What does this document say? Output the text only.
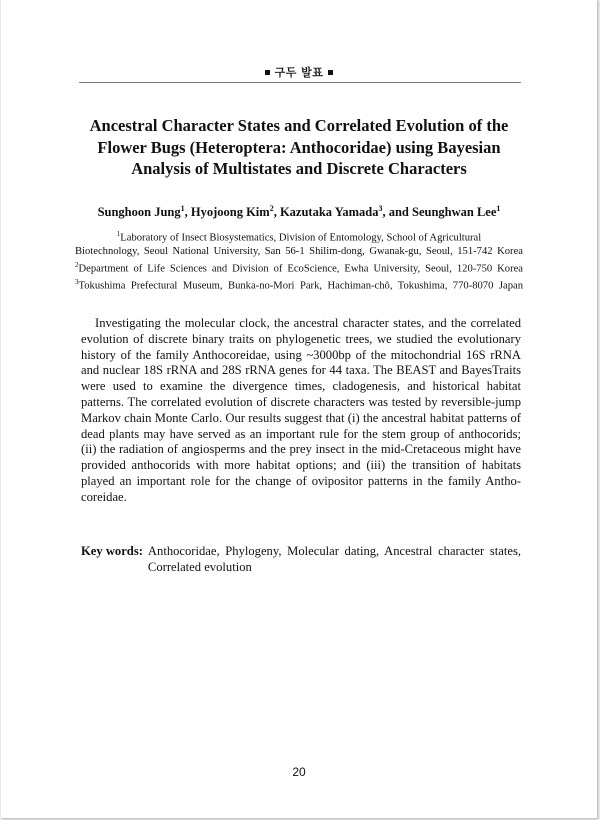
구두 발표
Ancestral Character States and Correlated Evolution of the
Flower Bugs (Heteroptera: Anthocoridae) using Bayesian
Analysis of Multistates and Discrete Characters
Sunghoon Jung$^1$, Hyojoong Kim$^2$, Kazutaka Yamada$^3$, and Seunghwan Lee$^1$
$^1$Laboratory of Insect Biosystematics, Division of Entomology, School of Agricultural
Biotechnology, Seoul National University, San 56-1 Shilim-dong, Gwanak-gu, Seoul, 151-742 Korea
$^2$Department of Life Sciences and Division of EcoScience, Ewha University, Seoul, 120-750 Korea
$^3$Tokushima Prefectural Museum, Bunka-no-Mori Park, Hachiman-chô, Tokushima, 770-8070 Japan

Investigating the molecular clock, the ancestral character states, and the correlated evolution of discrete binary traits on phylogenetic trees, we studied the evolutionary history of the family Anthocoreidae, using ~3000bp of the mitochondrial 16S rRNA and nuclear 18S rRNA and 28S rRNA genes for 44 taxa. The BEAST and BayesTraits were used to examine the divergence times, cladogenesis, and historical habitat patterns. The correlated evolution of discrete characters was tested by reversible-jump Markov chain Monte Carlo. Our results suggest that (i) the ancestral habitat patterns of dead plants may have served as an important rule for the stem group of anthocorids; (ii) the radiation of angiosperms and the prey insect in the mid-Cretaceous might have provided anthocorids with more habitat options; and (iii) the transition of habitats played an important role for the change of ovipositor patterns in the family Anthocoreidae.

Key words: Anthocoridae, Phylogeny, Molecular dating, Ancestral character states, Correlated evolution
20
